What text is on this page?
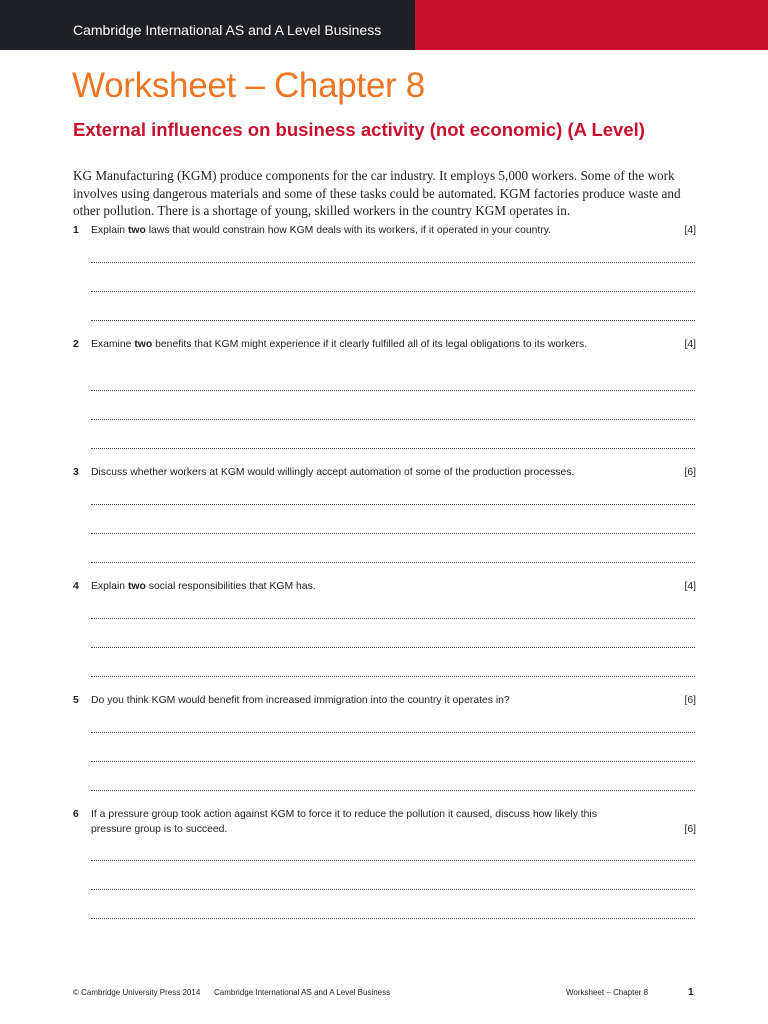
Cambridge International AS and A Level Business
Worksheet – Chapter 8
External influences on business activity (not economic) (A Level)
KG Manufacturing (KGM) produce components for the car industry. It employs 5,000 workers. Some of the work involves using dangerous materials and some of these tasks could be automated. KGM factories produce waste and other pollution. There is a shortage of young, skilled workers in the country KGM operates in.
1 Explain two laws that would constrain how KGM deals with its workers, if it operated in your country.	[4]
2 Examine two benefits that KGM might experience if it clearly fulfilled all of its legal obligations to its workers.	[4]
3 Discuss whether workers at KGM would willingly accept automation of some of the production processes.	[6]
4 Explain two social responsibilities that KGM has.	[4]
5 Do you think KGM would benefit from increased immigration into the country it operates in?	[6]
6 If a pressure group took action against KGM to force it to reduce the pollution it caused, discuss how likely this pressure group is to succeed.	[6]
© Cambridge University Press 2014 Cambridge International AS and A Level Business	Worksheet – Chapter 8	1
